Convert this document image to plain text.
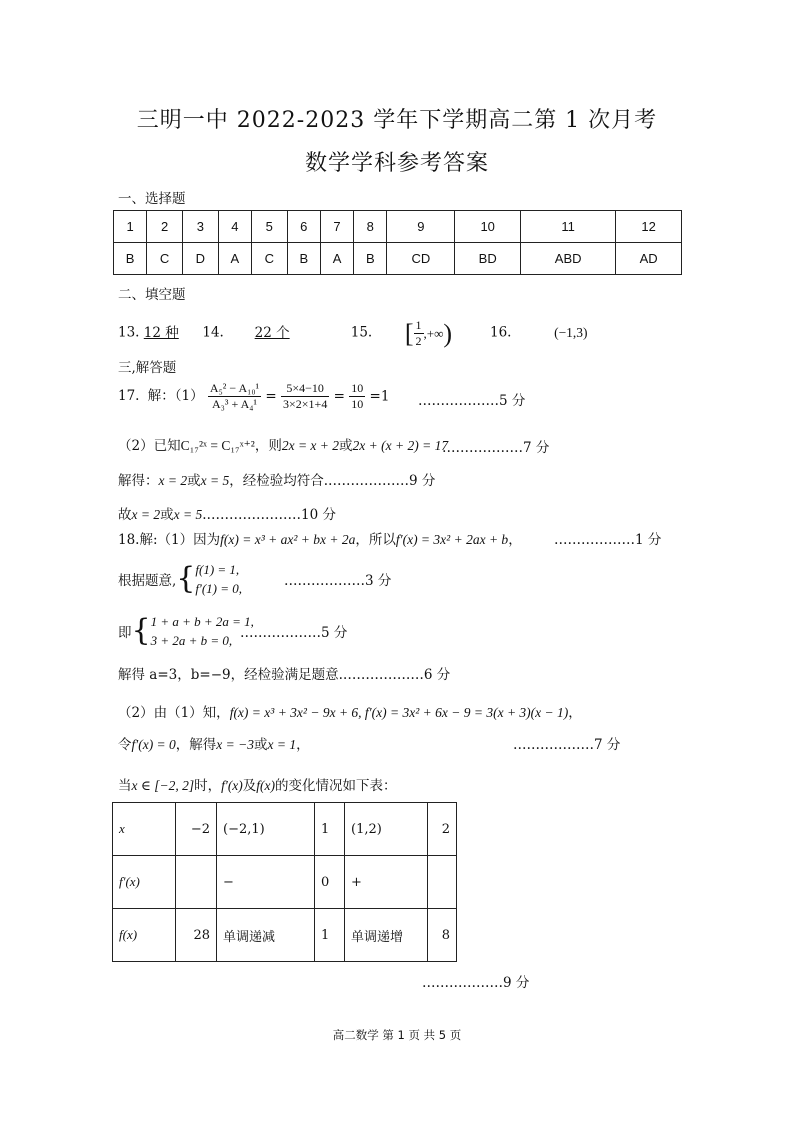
三明一中 2022-2023 学年下学期高二第 1 次月考
数学学科参考答案
一、选择题
1	2	3	4	5	6	7	8	9	10	11	12
B	C	D	A	C	B	A	B	CD	BD	ABD	AD
二、填空题
13. 12 种 14. 22 个	15. [ $\frac{1}{2}$ ,+∞)	16.	(−1,3)
三,解答题
17. 解：$(1) \frac{\text{A₅² − A₁₀¹}}{\text{A₃³ + A₄¹}} = \frac{5\times 4-10}{3\times 2\times 1+4} = \frac{10}{10} =1$ ………………5 分
（2）已知C₁₇²ˣ = C₁₇ˣ⁺²，则2x = x + 2或2x + (x + 2) = 17
………………7 分
解得：x = 2或x = 5，经检验均符合.………………9 分
故x = 2或x = 5.…………………10 分
18.解:（1）因为f(x) = x³ + ax² + bx + 2a，所以f′(x) = 3x² + 2ax + b， ………………1 分
根据题意,{ f(1) = 1,
f′(1) = 0,	………………3 分
即{ 1 + a + b + 2a = 1,
3 + 2a + b = 0, ………………5 分
解得 a=3，b=−9，经检验满足题意.………………6 分
（2）由（1）知，f(x) = x³ + 3x² − 9x + 6, f′(x) = 3x² + 6x − 9 = 3(x + 3)(x − 1)，
令f′(x) = 0，解得x = −3或x = 1，	………………7 分
当x ∈ [−2, 2]时，f′(x)及f(x)的变化情况如下表：
x	−2	(−2,1)	1	(1,2)	2
f′(x)		−	0	+	
f(x)	28	单调递减	1	单调递增	8
………………9 分
高二数学 第 1 页 共 5 页
